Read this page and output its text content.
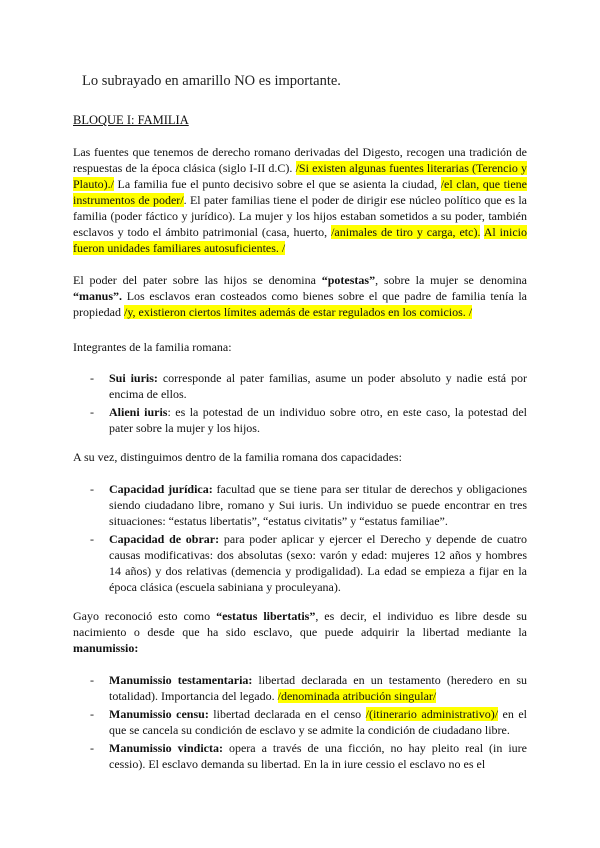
Lo subrayado en amarillo NO es importante.
BLOQUE I: FAMILIA

Las fuentes que tenemos de derecho romano derivadas del Digesto, recogen una tradición de respuestas de la época clásica (siglo I-II d.C). /Si existen algunas fuentes literarias (Terencio y Plauto)./ La familia fue el punto decisivo sobre el que se asienta la ciudad, /el clan, que tiene instrumentos de poder/. El pater familias tiene el poder de dirigir ese núcleo político que es la familia (poder fáctico y jurídico). La mujer y los hijos estaban sometidos a su poder, también esclavos y todo el ámbito patrimonial (casa, huerto, /animales de tiro y carga, etc). Al inicio fueron unidades familiares autosuficientes. /

El poder del pater sobre las hijos se denomina “potestas”, sobre la mujer se denomina “manus”. Los esclavos eran costeados como bienes sobre el que padre de familia tenía la propiedad /y, existieron ciertos límites además de estar regulados en los comicios. /

Integrantes de la familia romana:

- Sui iuris: corresponde al pater familias, asume un poder absoluto y nadie está por encima de ellos.
- Alieni iuris: es la potestad de un individuo sobre otro, en este caso, la potestad del pater sobre la mujer y los hijos.

A su vez, distinguimos dentro de la familia romana dos capacidades:

- Capacidad jurídica: facultad que se tiene para ser titular de derechos y obligaciones siendo ciudadano libre, romano y Sui iuris. Un individuo se puede encontrar en tres situaciones: “estatus libertatis”, “estatus civitatis” y “estatus familiae”.
- Capacidad de obrar: para poder aplicar y ejercer el Derecho y depende de cuatro causas modificativas: dos absolutas (sexo: varón y edad: mujeres 12 años y hombres 14 años) y dos relativas (demencia y prodigalidad). La edad se empieza a fijar en la época clásica (escuela sabiniana y proculeyana).

Gayo reconoció esto como “estatus libertatis”, es decir, el individuo es libre desde su nacimiento o desde que ha sido esclavo, que puede adquirir la libertad mediante la manumissio:

- Manumissio testamentaria: libertad declarada en un testamento (heredero en su totalidad). Importancia del legado. /denominada atribución singular/
- Manumissio censu: libertad declarada en el censo /(itinerario administrativo)/ en el que se cancela su condición de esclavo y se admite la condición de ciudadano libre.
- Manumissio vindicta: opera a través de una ficción, no hay pleito real (in iure cessio). El esclavo demanda su libertad. En la in iure cessio el esclavo no es el
